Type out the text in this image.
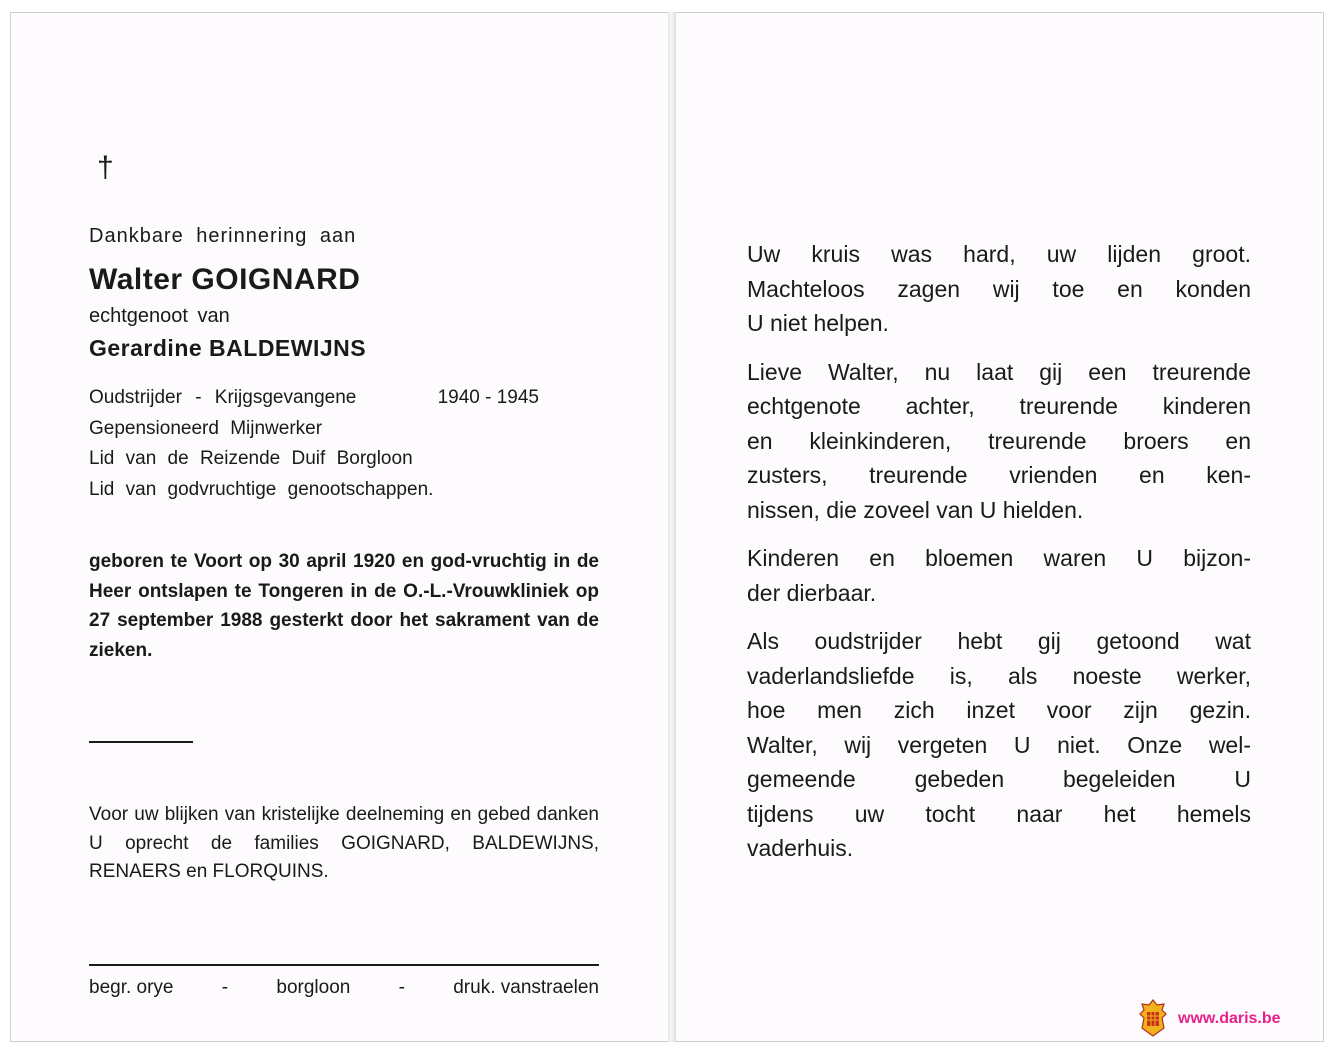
†
Dankbare herinnering aan
Walter GOIGNARD
echtgenoot van
Gerardine BALDEWIJNS
Oudstrijder - Krijgsgevangene	1940 - 1945
Gepensioneerd Mijnwerker
Lid van de Reizende Duif Borgloon
Lid van godvruchtige genootschappen.
geboren te Voort op 30 april 1920 en god-vruchtig in de Heer ontslapen te Tongeren in de O.-L.-Vrouwkliniek op 27 september 1988 gesterkt door het sakrament van de zieken.
Voor uw blijken van kristelijke deelneming en gebed danken U oprecht de families GOIGNARD, BALDEWIJNS, RENAERS en FLORQUINS.
begr. orye	-	borgloon	-	druk. vanstraelen

Uw kruis was hard, uw lijden groot.
Machteloos zagen wij toe en konden
U niet helpen.

Lieve Walter, nu laat gij een treurende
echtgenote achter, treurende kinderen
en kleinkinderen, treurende broers en
zusters, treurende vrienden en ken-
nissen, die zoveel van U hielden.

Kinderen en bloemen waren U bijzon-
der dierbaar.

Als oudstrijder hebt gij getoond wat
vaderlandsliefde is, als noeste werker,
hoe men zich inzet voor zijn gezin.
Walter, wij vergeten U niet. Onze wel-
gemeende gebeden begeleiden U
tijdens uw tocht naar het hemels
vaderhuis.

www.daris.be
